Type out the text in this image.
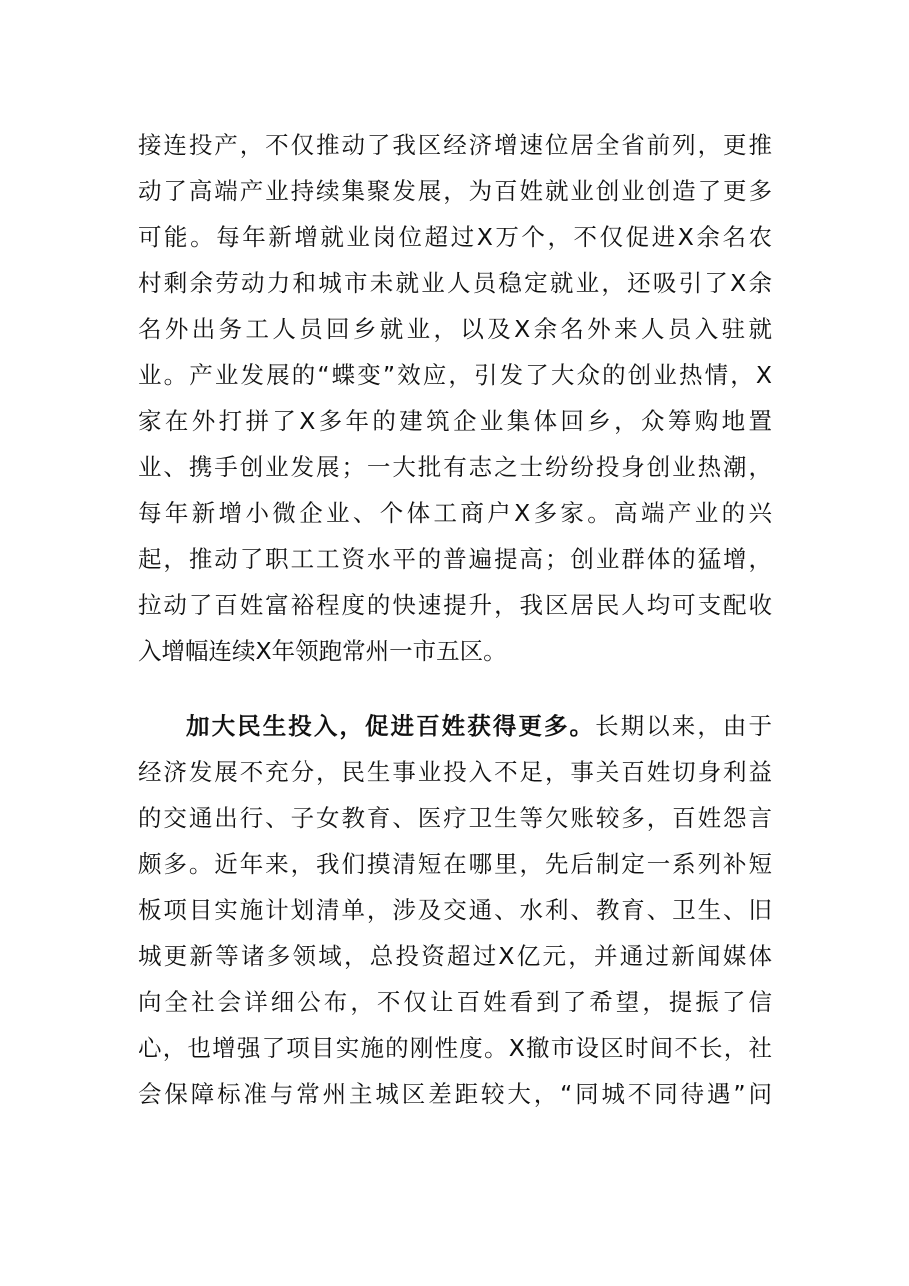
接连投产，不仅推动了我区经济增速位居全省前列，更推
动了高端产业持续集聚发展，为百姓就业创业创造了更多
可能。每年新增就业岗位超过X万个，不仅促进X余名农
村剩余劳动力和城市未就业人员稳定就业，还吸引了X余
名外出务工人员回乡就业，以及X余名外来人员入驻就
业。产业发展的“蝶变”效应，引发了大众的创业热情，X
家在外打拼了X多年的建筑企业集体回乡，众筹购地置
业、携手创业发展；一大批有志之士纷纷投身创业热潮，
每年新增小微企业、个体工商户X多家。高端产业的兴
起，推动了职工工资水平的普遍提高；创业群体的猛增，
拉动了百姓富裕程度的快速提升，我区居民人均可支配收
入增幅连续X年领跑常州一市五区。
加大民生投入，促进百姓获得更多。长期以来，由于
经济发展不充分，民生事业投入不足，事关百姓切身利益
的交通出行、子女教育、医疗卫生等欠账较多，百姓怨言
颇多。近年来，我们摸清短在哪里，先后制定一系列补短
板项目实施计划清单，涉及交通、水利、教育、卫生、旧
城更新等诸多领域，总投资超过X亿元，并通过新闻媒体
向全社会详细公布，不仅让百姓看到了希望，提振了信
心，也增强了项目实施的刚性度。X撤市设区时间不长，社
会保障标准与常州主城区差距较大，“同城不同待遇”问
